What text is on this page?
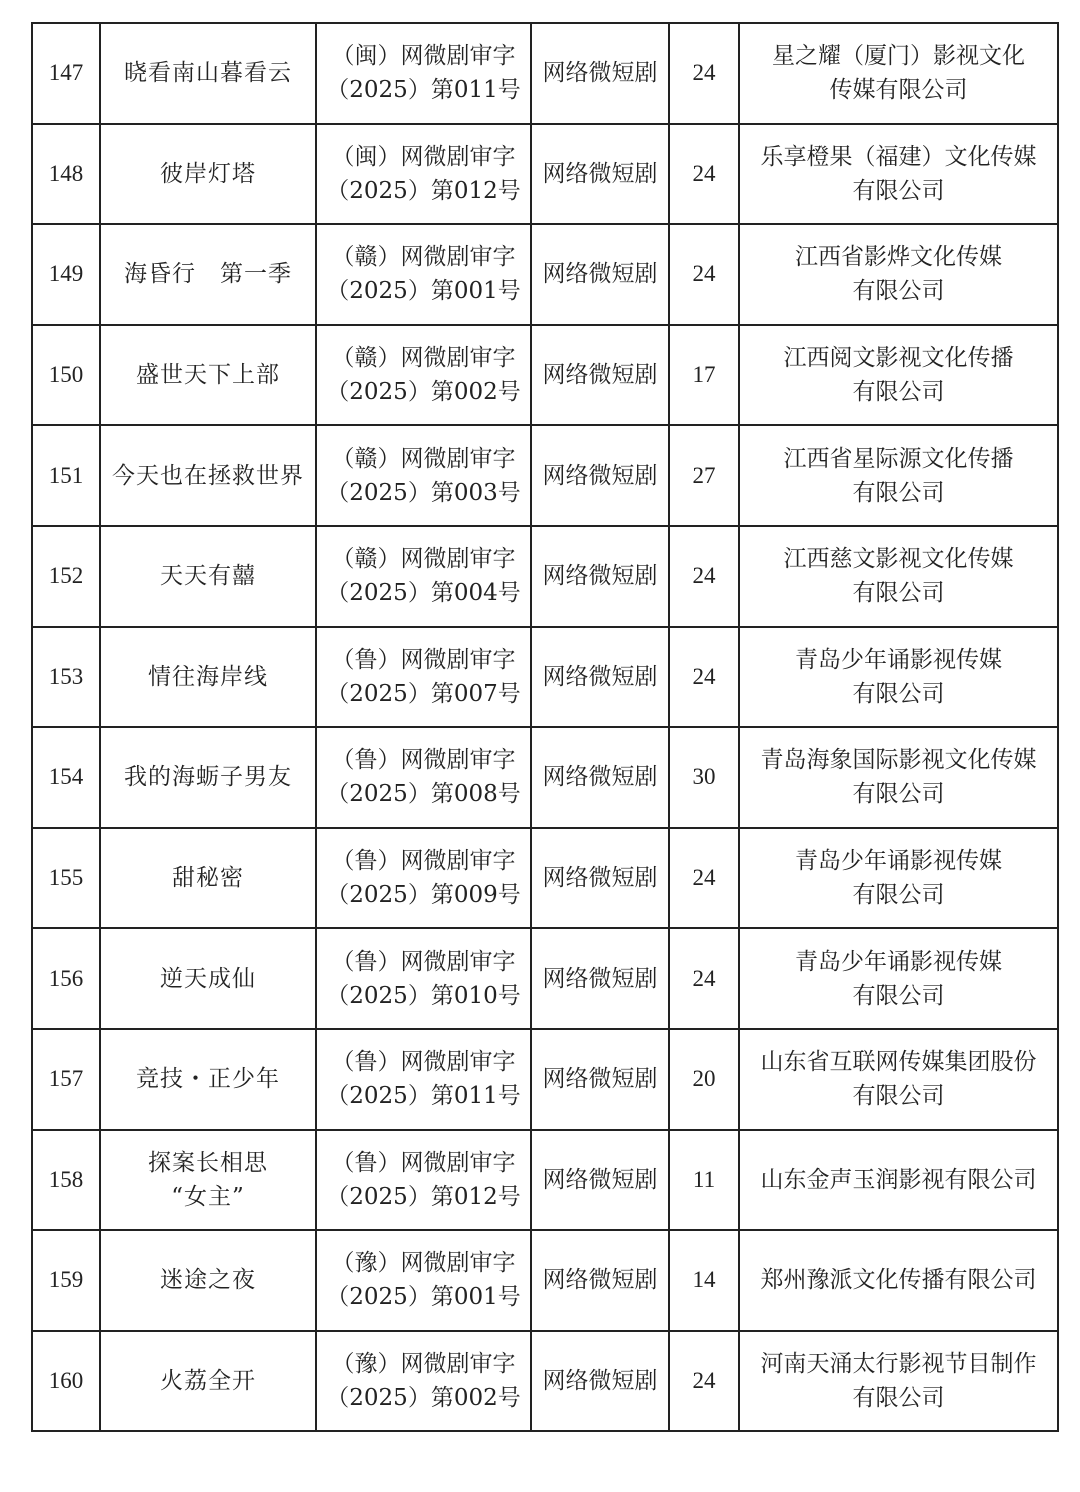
147	晓看南山暮看云	（闽）网微剧审字
（2025）第011号	网络微短剧	24	星之耀（厦门）影视文化
传媒有限公司

148	彼岸灯塔	（闽）网微剧审字
（2025）第012号	网络微短剧	24	乐享橙果（福建）文化传媒
有限公司

149	海昏行　第一季	（赣）网微剧审字
（2025）第001号	网络微短剧	24	江西省影烨文化传媒
有限公司

150	盛世天下上部	（赣）网微剧审字
（2025）第002号	网络微短剧	17	江西阅文影视文化传播
有限公司

151	今天也在拯救世界	（赣）网微剧审字
（2025）第003号	网络微短剧	27	江西省星际源文化传播
有限公司

152	天天有囍	（赣）网微剧审字
（2025）第004号	网络微短剧	24	江西慈文影视文化传媒
有限公司

153	情往海岸线	（鲁）网微剧审字
（2025）第007号	网络微短剧	24	青岛少年诵影视传媒
有限公司

154	我的海蛎子男友	（鲁）网微剧审字
（2025）第008号	网络微短剧	30	青岛海象国际影视文化传媒
有限公司

155	甜秘密	（鲁）网微剧审字
（2025）第009号	网络微短剧	24	青岛少年诵影视传媒
有限公司

156	逆天成仙	（鲁）网微剧审字
（2025）第010号	网络微短剧	24	青岛少年诵影视传媒
有限公司

157	竞技・正少年	（鲁）网微剧审字
（2025）第011号	网络微短剧	20	山东省互联网传媒集团股份
有限公司

158	探案长相思
“女主”	（鲁）网微剧审字
（2025）第012号	网络微短剧	11	山东金声玉润影视有限公司

159	迷途之夜	（豫）网微剧审字
（2025）第001号	网络微短剧	14	郑州豫派文化传播有限公司

160	火荔全开	（豫）网微剧审字
（2025）第002号	网络微短剧	24	河南天涌太行影视节目制作
有限公司
